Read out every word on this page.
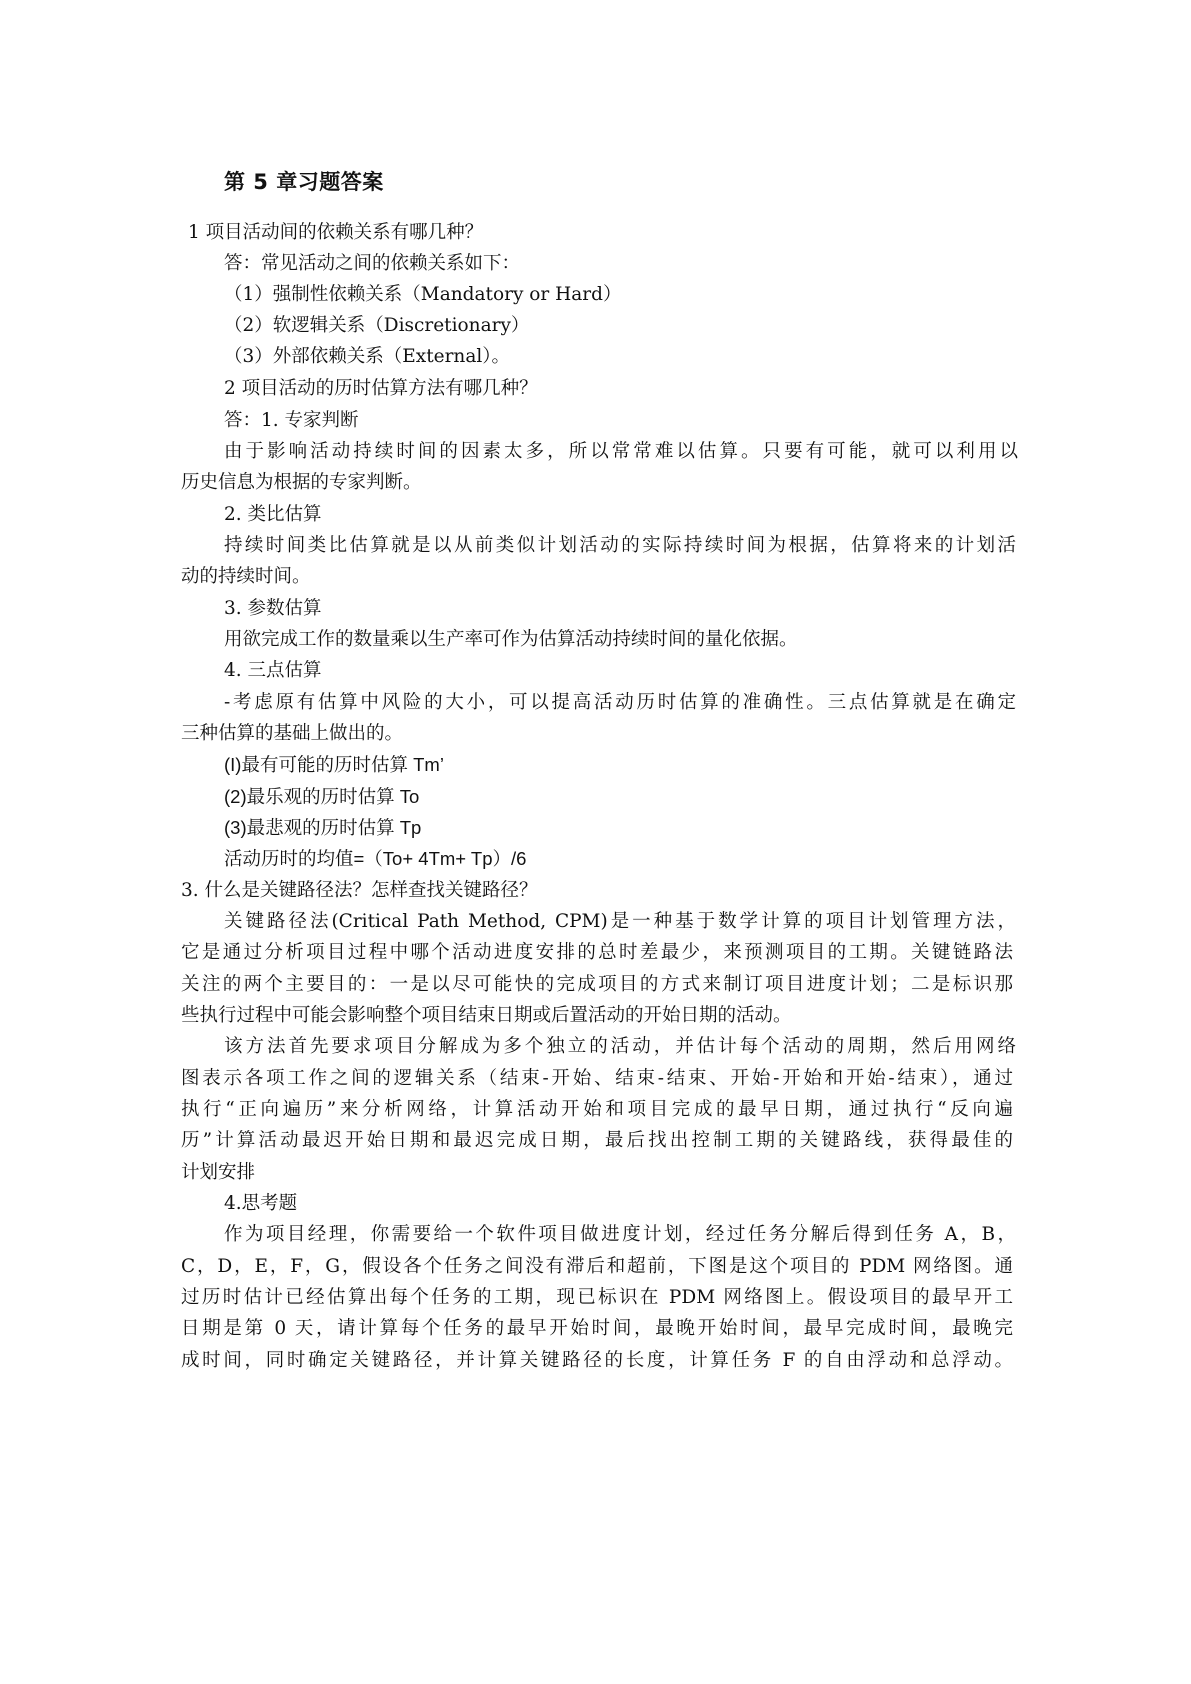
第 5 章习题答案
1 项目活动间的依赖关系有哪几种？
答：常见活动之间的依赖关系如下：
（1）强制性依赖关系（Mandatory or Hard）
（2）软逻辑关系（Discretionary）
（3）外部依赖关系（External）。
2 项目活动的历时估算方法有哪几种？
答：1. 专家判断
由于影响活动持续时间的因素太多，所以常常难以估算。只要有可能，就可以利用以
历史信息为根据的专家判断。
2. 类比估算
持续时间类比估算就是以从前类似计划活动的实际持续时间为根据，估算将来的计划活
动的持续时间。
3. 参数估算
用欲完成工作的数量乘以生产率可作为估算活动持续时间的量化依据。
4. 三点估算
-考虑原有估算中风险的大小，可以提高活动历时估算的准确性。三点估算就是在确定
三种估算的基础上做出的。
(I)最有可能的历时估算 Tm’
(2)最乐观的历时估算 To
(3)最悲观的历时估算 Tp
活动历时的均值=（To+ 4Tm+ Tp）/6
3. 什么是关键路径法？怎样查找关键路径？
关键路径法(Critical Path Method, CPM)是一种基于数学计算的项目计划管理方法，
它是通过分析项目过程中哪个活动进度安排的总时差最少，来预测项目的工期。关键链路法
关注的两个主要目的：一是以尽可能快的完成项目的方式来制订项目进度计划；二是标识那
些执行过程中可能会影响整个项目结束日期或后置活动的开始日期的活动。
该方法首先要求项目分解成为多个独立的活动，并估计每个活动的周期，然后用网络
图表示各项工作之间的逻辑关系（结束-开始、结束-结束、开始-开始和开始-结束），通过
执行“正向遍历”来分析网络，计算活动开始和项目完成的最早日期，通过执行“反向遍
历”计算活动最迟开始日期和最迟完成日期，最后找出控制工期的关键路线，获得最佳的
计划安排
4.思考题
作为项目经理，你需要给一个软件项目做进度计划，经过任务分解后得到任务 A，B，
C，D，E，F，G，假设各个任务之间没有滞后和超前，下图是这个项目的 PDM 网络图。通
过历时估计已经估算出每个任务的工期，现已标识在 PDM 网络图上。假设项目的最早开工
日期是第 0 天，请计算每个任务的最早开始时间，最晚开始时间，最早完成时间，最晚完
成时间，同时确定关键路径，并计算关键路径的长度，计算任务 F 的自由浮动和总浮动。
